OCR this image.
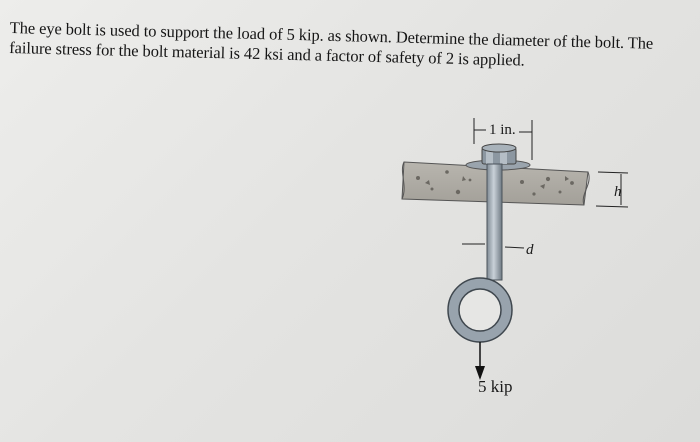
The eye bolt is used to support the load of 5 kip. as shown. Determine the diameter of the bolt. The failure stress for the bolt material is 42 ksi and a factor of safety of 2 is applied.

1 in.
d
h
5 kip
